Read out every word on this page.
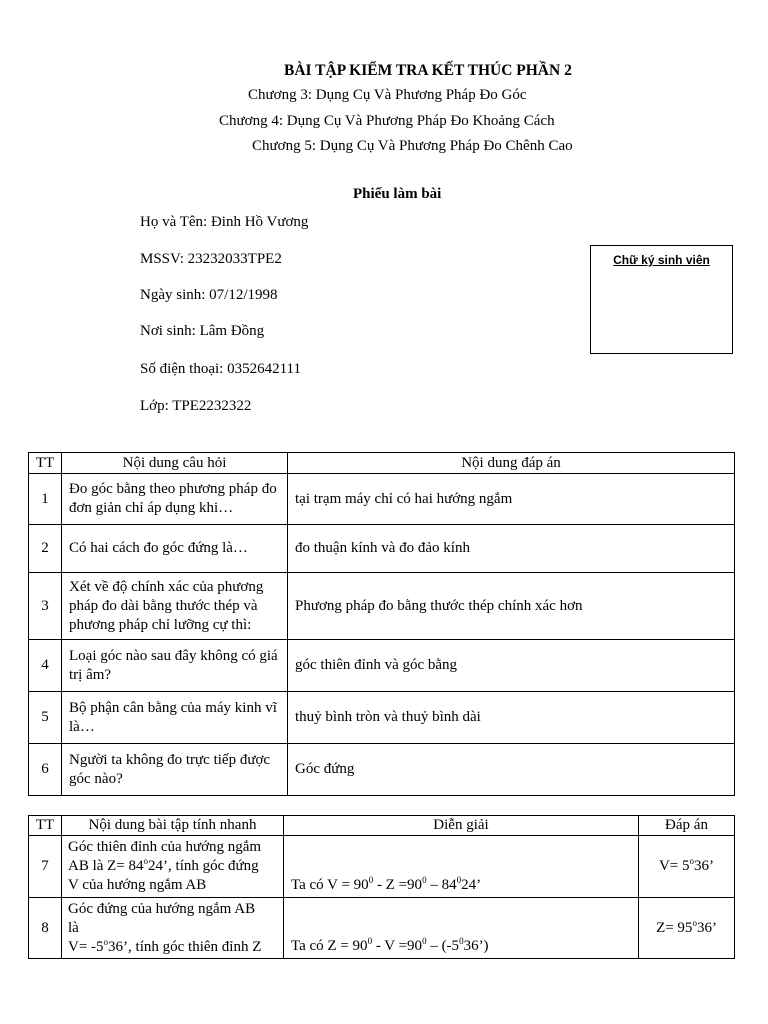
BÀI TẬP KIỂM TRA KẾT THÚC PHẦN 2
Chương 3: Dụng Cụ Và Phương Pháp Đo Góc
Chương 4: Dụng Cụ Và Phương Pháp Đo Khoảng Cách
Chương 5: Dụng Cụ Và Phương Pháp Đo Chênh Cao
Phiếu làm bài
Họ và Tên: Đinh Hồ Vương
MSSV: 23232033TPE2
Ngày sinh: 07/12/1998
Nơi sinh: Lâm Đồng
Số điện thoại: 0352642111
Lớp: TPE2232322
Chữ ký sinh viên
TT	Nội dung câu hỏi	Nội dung đáp án
1	Đo góc bằng theo phương pháp đo đơn giản chỉ áp dụng khi…	tại trạm máy chỉ có hai hướng ngắm
2	Có hai cách đo góc đứng là…	đo thuận kính và đo đảo kính
3	Xét về độ chính xác của phương pháp đo dài bằng thước thép và phương pháp chỉ lưỡng cự thì:	Phương pháp đo bằng thước thép chính xác hơn
4	Loại góc nào sau đây không có giá trị âm?	góc thiên đỉnh và góc bằng
5	Bộ phận cân bằng của máy kinh vĩ là…	thuỷ bình tròn và thuỷ bình dài
6	Người ta không đo trực tiếp được góc nào?	Góc đứng
TT	Nội dung bài tập tính nhanh	Diễn giải	Đáp án
7	Góc thiên đỉnh của hướng ngắm
AB là $Z= 84^o24$’, tính góc đứng
V của hướng ngắm AB	Ta có $V = 90^0 - Z =90^0 - 84^024$’	$V= 5^o36$’
8	Góc đứng của hướng ngắm AB
là
$V= -5^o36$’, tính góc thiên đỉnh Z	Ta có $Z = 90^0 - V =90^0$ – $(-5^036’)$	$Z= 95^o36$’
